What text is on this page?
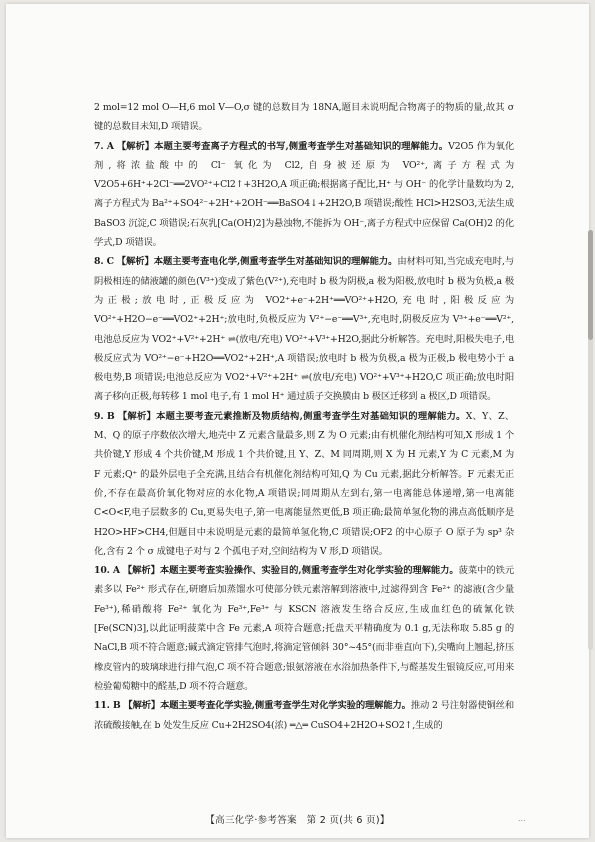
2 mol=12 mol O—H,6 mol V—O,σ 键的总数目为 18NA,题目未说明配合物离子的物质的量,故其 σ 键的总数目未知,D 项错误。

7. A 【解析】本题主要考查离子方程式的书写,侧重考查学生对基础知识的理解能力。V2O5 作为氧化剂,将浓盐酸中的 Cl⁻ 氧化为 Cl2,自身被还原为 VO²⁺,离子方程式为 V2O5+6H⁺+2Cl⁻══2VO²⁺+Cl2↑+3H2O,A 项正确;根据离子配比,H⁺ 与 OH⁻ 的化学计量数均为 2,离子方程式为 Ba²⁺+SO4²⁻+2H⁺+2OH⁻══BaSO4↓+2H2O,B 项错误;酸性 HCl>H2SO3,无法生成 BaSO3 沉淀,C 项错误;石灰乳[Ca(OH)2]为悬浊物,不能拆为 OH⁻,离子方程式中应保留 Ca(OH)2 的化学式,D 项错误。

8. C 【解析】本题主要考查电化学,侧重考查学生对基础知识的理解能力。由材料可知,当完成充电时,与阴极相连的储液罐的颜色(V³⁺)变成了紫色(V²⁺),充电时 b 极为阴极,a 极为阳极,放电时 b 极为负极,a 极为正极;放电时,正极反应为 VO2⁺+e⁻+2H⁺══VO²⁺+H2O,充电时,阳极反应为 VO²⁺+H2O−e⁻══VO2⁺+2H⁺;放电时,负极反应为 V²⁺−e⁻══V³⁺,充电时,阴极反应为 V³⁺+e⁻══V²⁺,电池总反应为 VO2⁺+V²⁺+2H⁺ ⇌(放电/充电) VO²⁺+V³⁺+H2O,据此分析解答。充电时,阳极失电子,电极反应式为 VO²⁺−e⁻+H2O══VO2⁺+2H⁺,A 项错误;放电时 b 极为负极,a 极为正极,b 极电势小于 a 极电势,B 项错误;电池总反应为 VO2⁺+V²⁺+2H⁺ ⇌(放电/充电) VO²⁺+V³⁺+H2O,C 项正确;放电时阳离子移向正极,每转移 1 mol 电子,有 1 mol H⁺ 通过质子交换膜由 b 极区迁移到 a 极区,D 项错误。

9. B 【解析】本题主要考查元素推断及物质结构,侧重考查学生对基础知识的理解能力。X、Y、Z、M、Q 的原子序数依次增大,地壳中 Z 元素含量最多,则 Z 为 O 元素;由有机催化剂结构可知,X 形成 1 个共价键,Y 形成 4 个共价键,M 形成 1 个共价键,且 Y、Z、M 同周期,则 X 为 H 元素,Y 为 C 元素,M 为 F 元素;Q⁺ 的最外层电子全充满,且结合有机催化剂结构可知,Q 为 Cu 元素,据此分析解答。F 元素无正价,不存在最高价氧化物对应的水化物,A 项错误;同周期从左到右,第一电离能总体递增,第一电离能 C<O<F,电子层数多的 Cu,更易失电子,第一电离能显然更低,B 项正确;最简单氢化物的沸点高低顺序是 H2O>HF>CH4,但题目中未说明是元素的最简单氢化物,C 项错误;OF2 的中心原子 O 原子为 sp³ 杂化,含有 2 个 σ 成键电子对与 2 个孤电子对,空间结构为 V 形,D 项错误。

10. A 【解析】本题主要考查实验操作、实验目的,侧重考查学生对化学实验的理解能力。菠菜中的铁元素多以 Fe²⁺ 形式存在,研磨后加蒸馏水可使部分铁元素溶解到溶液中,过滤得到含 Fe²⁺ 的滤液(含少量 Fe³⁺),稀硝酸将 Fe²⁺ 氧化为 Fe³⁺,Fe³⁺ 与 KSCN 溶液发生络合反应,生成血红色的硫氰化铁[Fe(SCN)3],以此证明菠菜中含 Fe 元素,A 项符合题意;托盘天平精确度为 0.1 g,无法称取 5.85 g 的 NaCl,B 项不符合题意;碱式滴定管排气泡时,将滴定管倾斜 30°~45°(而非垂直向下),尖嘴向上翘起,挤压橡皮管内的玻璃球进行排气泡,C 项不符合题意;银氨溶液在水浴加热条件下,与醛基发生银镜反应,可用来检验葡萄糖中的醛基,D 项不符合题意。

11. B 【解析】本题主要考查化学实验,侧重考查学生对化学实验的理解能力。推动 2 号注射器使铜丝和浓硫酸接触,在 b 处发生反应 Cu+2H2SO4(浓) ═△═ CuSO4+2H2O+SO2↑,生成的

【高三化学·参考答案　第 2 页(共 6 页)】	...
